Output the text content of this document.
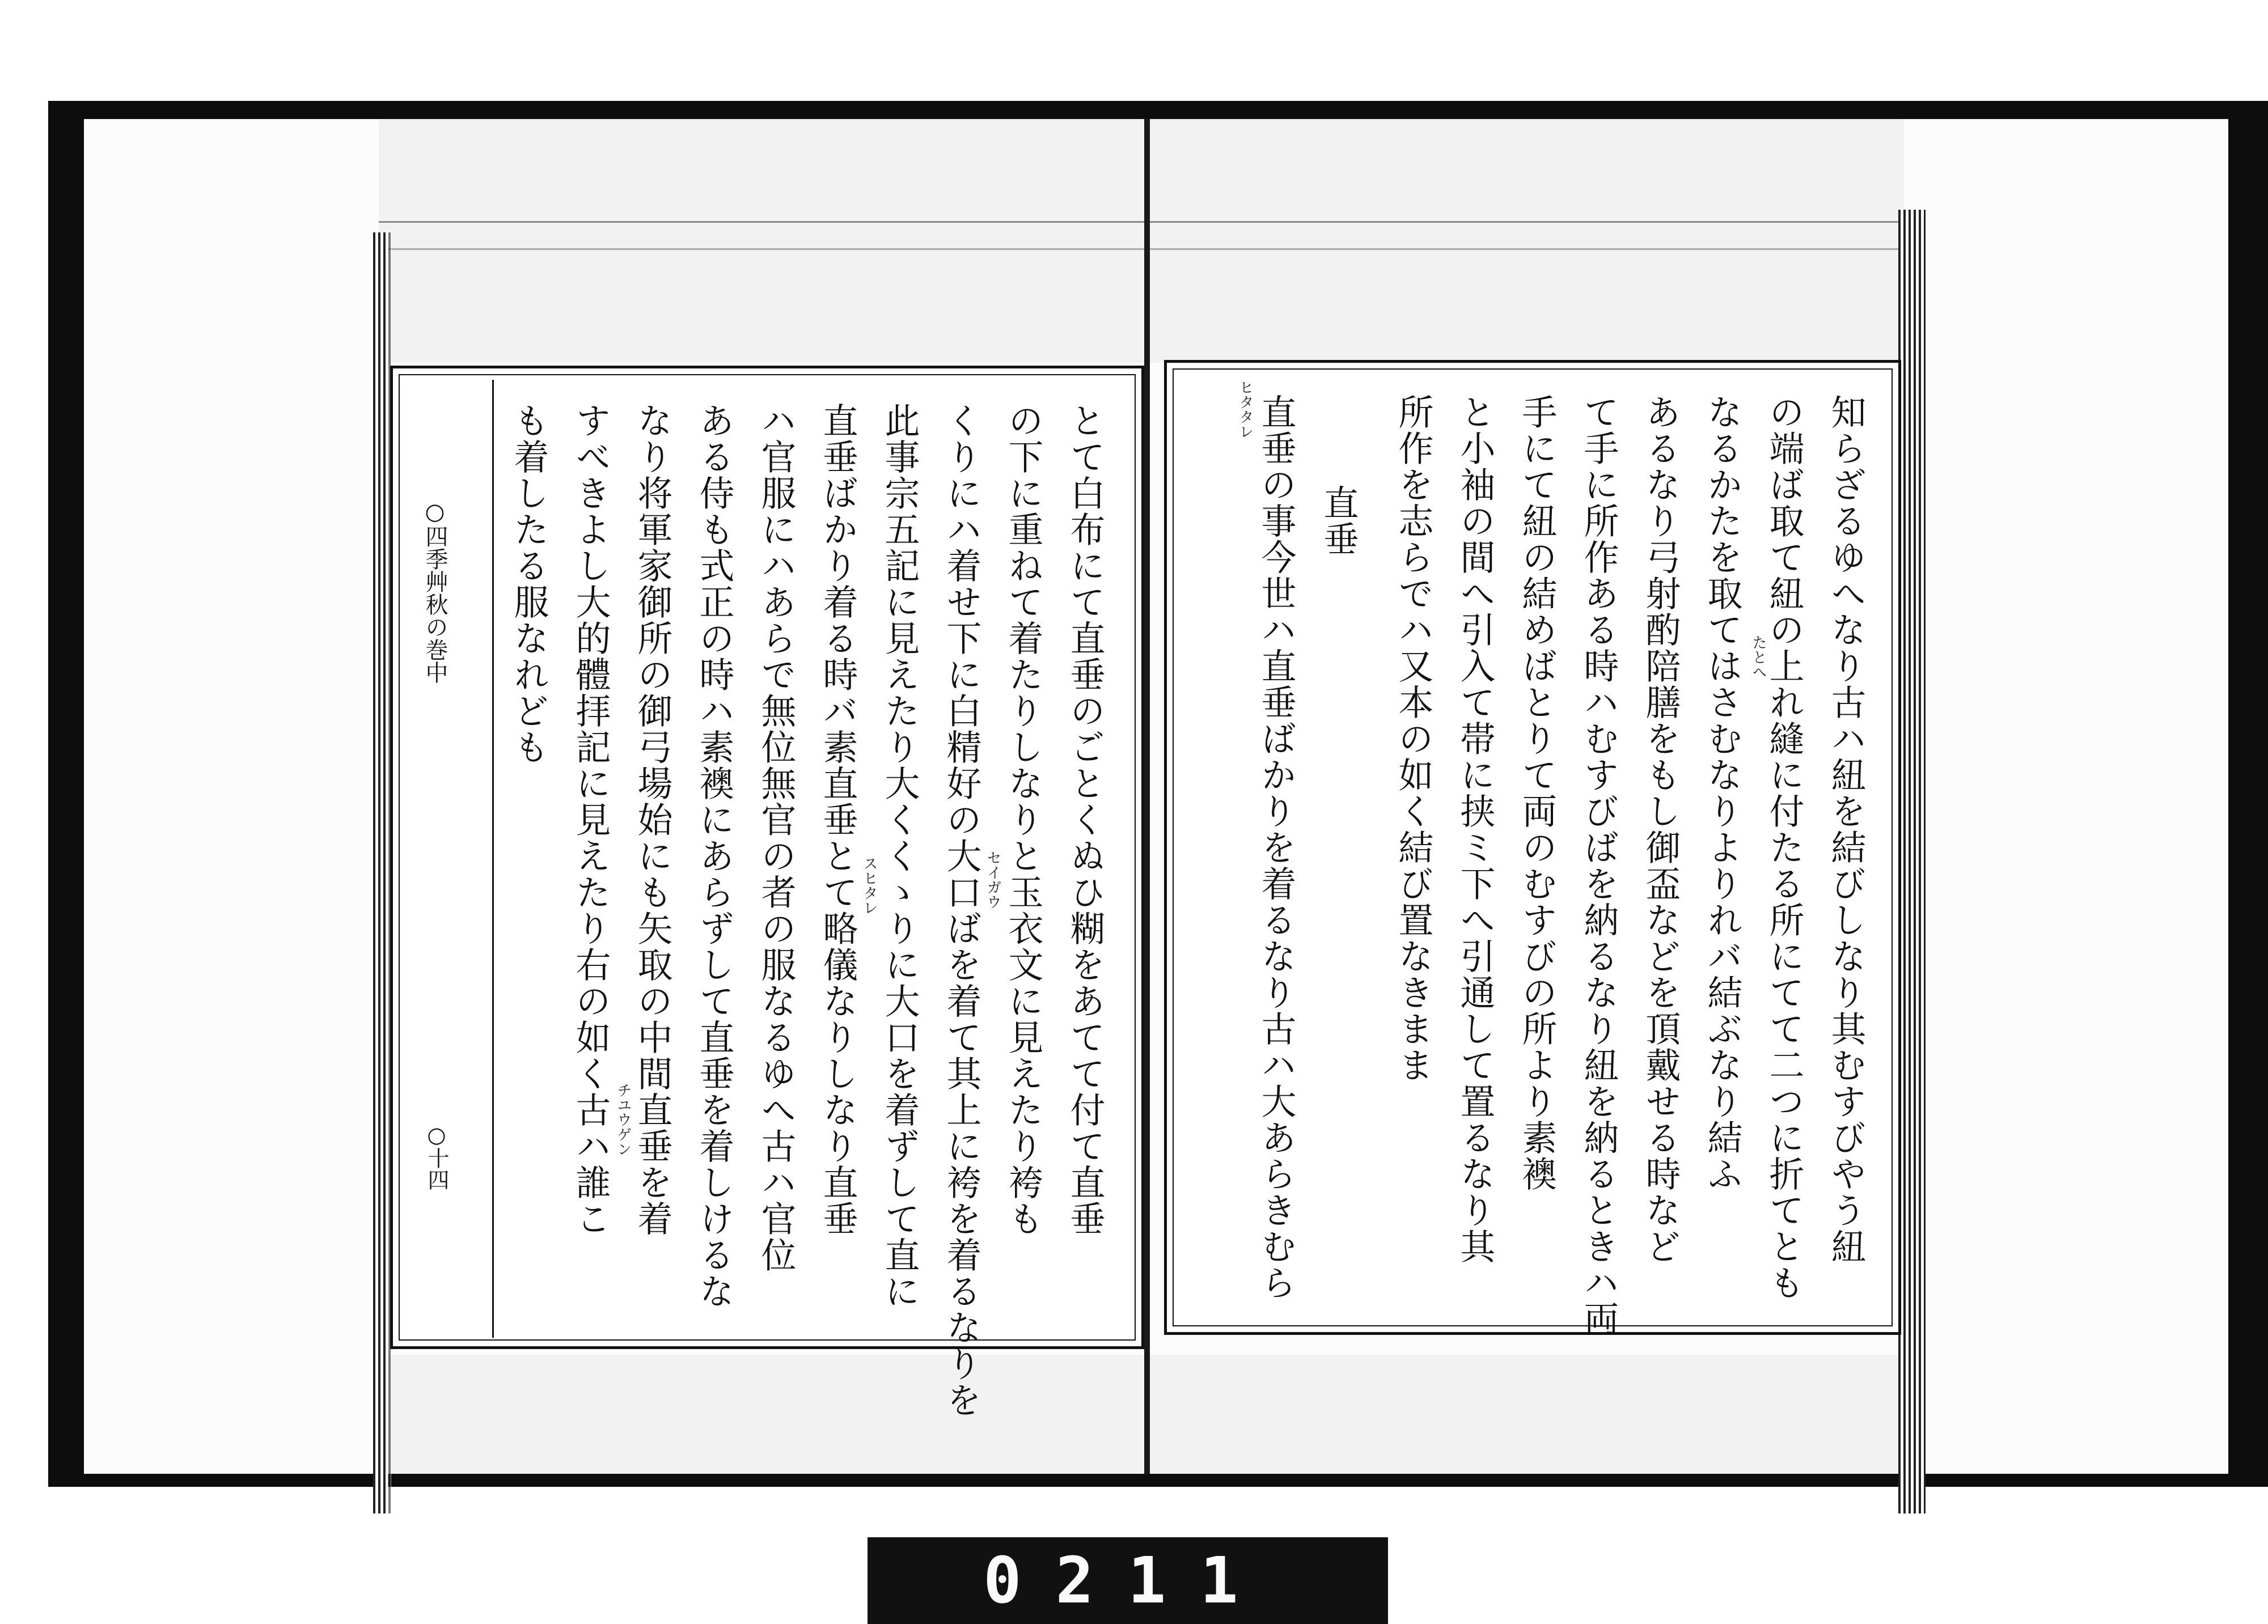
○四季艸秋の巻中
○十四	とて白布にて直垂のごとくぬひ糊をあてて付て直垂
の下に重ねて着たりしなりと玉衣文に見えたり袴も
くりにハ着せ下に白精好の大口ばを着て其上に袴を着るなりを
此事宗五記に見えたり大くくゝりに大口を着ずして直に
直垂ばかり着る時バ素直垂とて略儀なりしなり直垂
ハ官服にハあらで無位無官の者の服なるゆへ古ハ官位
ある侍も式正の時ハ素襖にあらずして直垂を着しけるな
なり将軍家御所の御弓場始にも矢取の中間直垂を着
すべきよし大的體拝記に見えたり右の如く古ハ誰こ
も着したる服なれども
セイガウ
スヒタレ
チユウゲン	知らざるゆへなり古ハ紐を結びしなり其むすびやう紐
の端ば取て紐の上れ縫に付たる所にてて二つに折てとも
なるかたを取てはさむなりよりれバ結ぶなり結ふ
あるなり弓射酌陪膳をもし御盃などを頂戴せる時など
て手に所作ある時ハむすびばを納るなり紐を納るときハ両
手にて紐の結めばとりて両のむすびの所より素襖
と小袖の間へ引入て帯に挟ミ下へ引通して置るなり其
所作を志らでハ又本の如く結び置なきまま
直垂
直垂の事今世ハ直垂ばかりを着るなり古ハ大あらきむら
ヒタタレ
たとへ
0211
